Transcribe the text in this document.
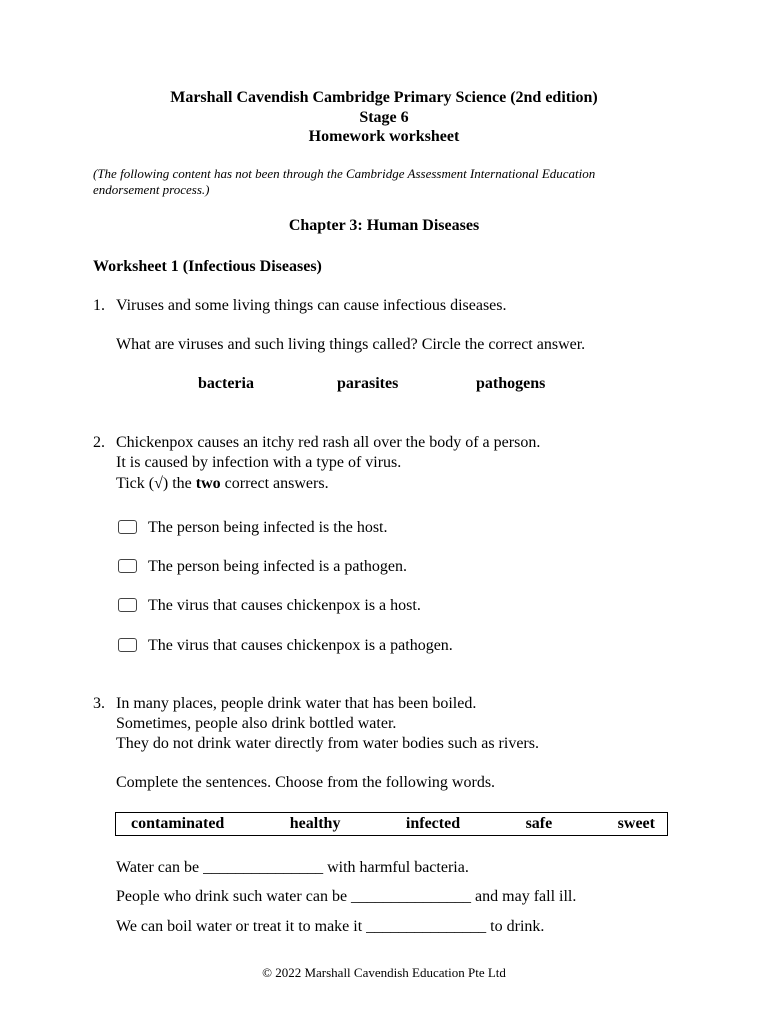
Marshall Cavendish Cambridge Primary Science (2nd edition)
Stage 6
Homework worksheet
(The following content has not been through the Cambridge Assessment International Education endorsement process.)
Chapter 3: Human Diseases
Worksheet 1 (Infectious Diseases)
1. Viruses and some living things can cause infectious diseases.
What are viruses and such living things called? Circle the correct answer.
bacteria	parasites	pathogens
2. Chickenpox causes an itchy red rash all over the body of a person.
It is caused by infection with a type of virus.
Tick (√) the two correct answers.
The person being infected is the host.
The person being infected is a pathogen.
The virus that causes chickenpox is a host.
The virus that causes chickenpox is a pathogen.
3. In many places, people drink water that has been boiled.
Sometimes, people also drink bottled water.
They do not drink water directly from water bodies such as rivers.
Complete the sentences. Choose from the following words.
contaminated	healthy	infected	safe	sweet
Water can be _______________ with harmful bacteria.
People who drink such water can be _______________ and may fall ill.
We can boil water or treat it to make it _______________ to drink.
© 2022 Marshall Cavendish Education Pte Ltd
